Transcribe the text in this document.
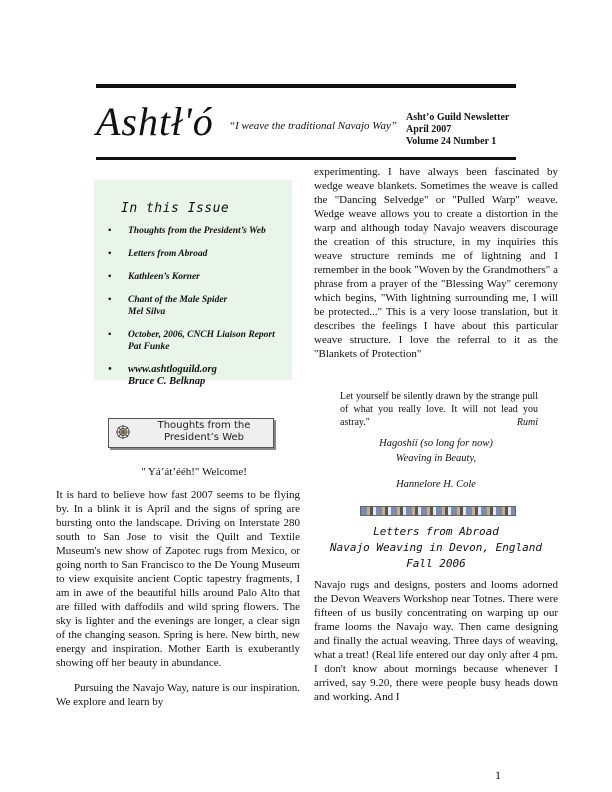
Ashtł'ó “I weave the traditional Navajo Way”
Asht’o Guild Newsletter
April 2007
Volume 24 Number 1
In this Issue
• Thoughts from the President’s Web
• Letters from Abroad
• Kathleen’s Korner
• Chant of the Male Spider
Mel Silva
• October, 2006, CNCH Liaison Report
Pat Funke
• www.ashtloguild.org
Bruce C. Belknap
Thoughts from the
President’s Web
" Yá’át’ééh!" Welcome!
It is hard to believe how fast 2007 seems to be flying by. In a blink it is April and the signs of spring are bursting onto the landscape. Driving on Interstate 280 south to San Jose to visit the Quilt and Textile Museum's new show of Zapotec rugs from Mexico, or going north to San Francisco to the De Young Museum to view exquisite ancient Coptic tapestry fragments, I am in awe of the beautiful hills around Palo Alto that are filled with daffodils and wild spring flowers. The sky is lighter and the evenings are longer, a clear sign of the changing season. Spring is here. New birth, new energy and inspiration. Mother Earth is exuberantly showing off her beauty in abundance.
Pursuing the Navajo Way, nature is our inspiration. We explore and learn by
experimenting. I have always been fascinated by wedge weave blankets. Sometimes the weave is called the "Dancing Selvedge" or "Pulled Warp" weave. Wedge weave allows you to create a distortion in the warp and although today Navajo weavers discourage the creation of this structure, in my inquiries this weave structure reminds me of lightning and I remember in the book "Woven by the Grandmothers" a phrase from a prayer of the "Blessing Way" ceremony which begins, "With lightning surrounding me, I will be protected..." This is a very loose translation, but it describes the feelings I have about this particular weave structure. I love the referral to it as the "Blankets of Protection"
Let yourself be silently drawn by the strange pull of what you really love. It will not lead you astray."	Rumi
Hagoshíí (so long for now)
Weaving in Beauty,
Hannelore H. Cole
Letters from Abroad
Navajo Weaving in Devon, England
Fall 2006
Navajo rugs and designs, posters and looms adorned the Devon Weavers Workshop near Totnes. There were fifteen of us busily concentrating on warping up our frame looms the Navajo way. Then came designing and finally the actual weaving. Three days of weaving, what a treat! (Real life entered our day only after 4 pm. I don't know about mornings because whenever I arrived, say 9.20, there were people busy heads down and working. And I
1
